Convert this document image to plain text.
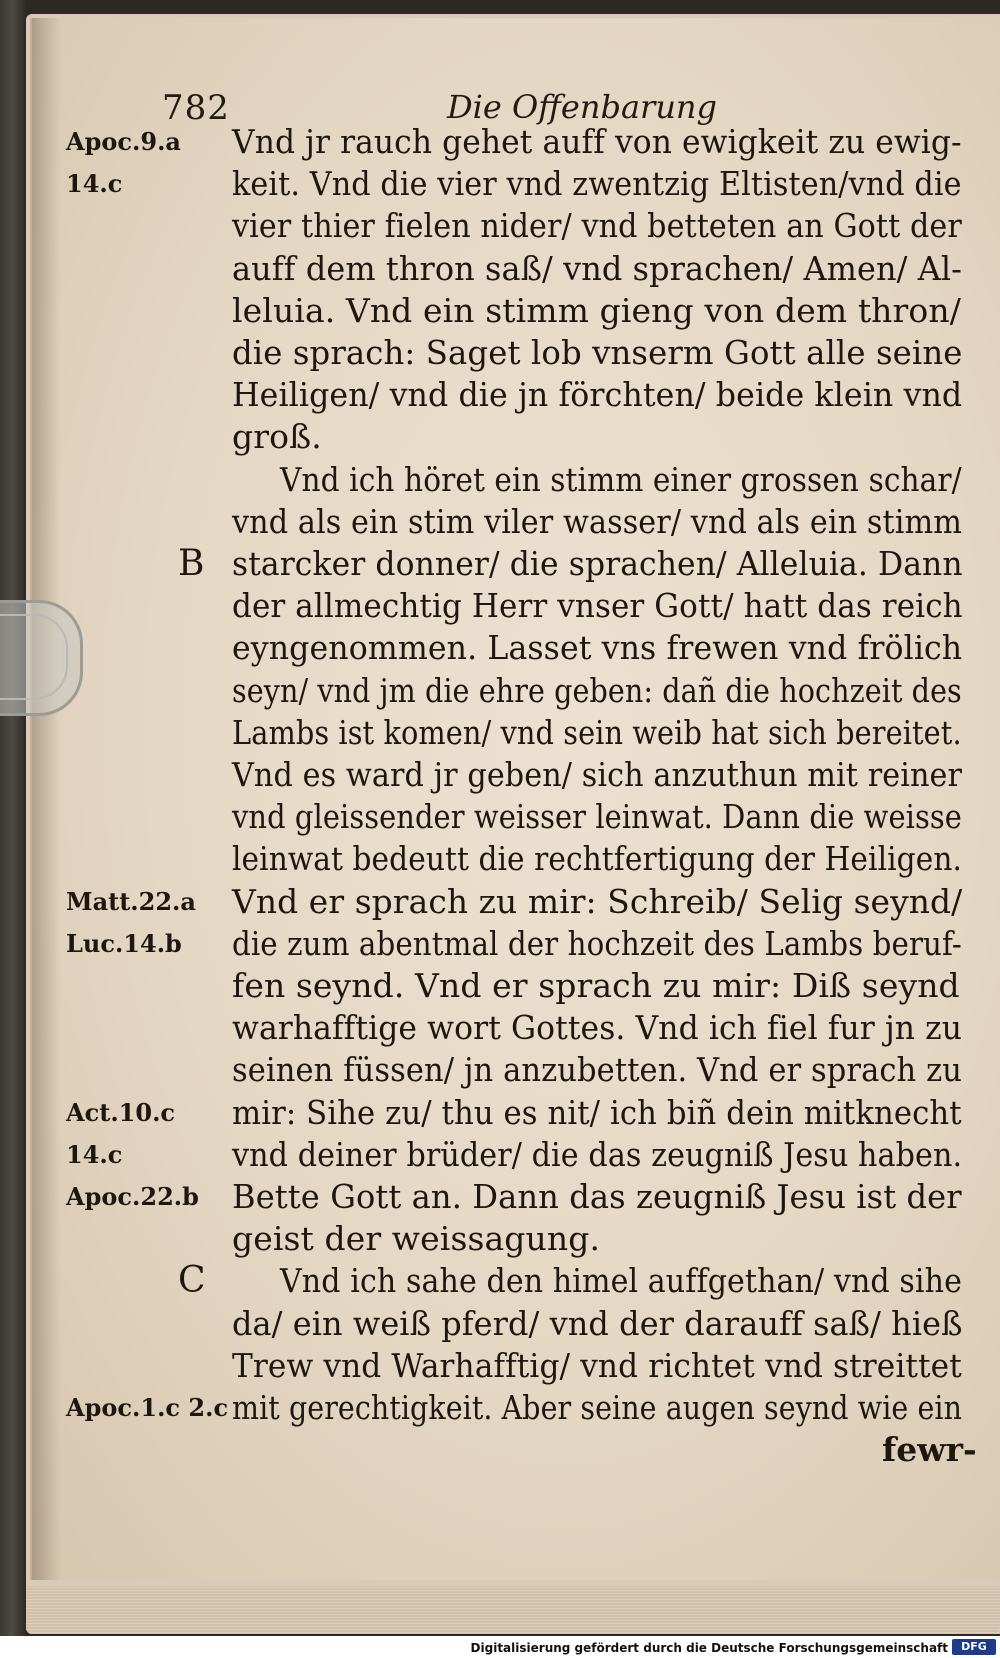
782	Die Offenbarung
Apoc.9.a Vnd jr rauch gehet auff von ewigkeit zu ewig-
14.c	keit. Vnd die vier vnd zwentzig Eltisten/vnd die
vier thier fielen nider/ vnd betteten an Gott der
auff dem thron saß/ vnd sprachen/ Amen/ Al-
leluia. Vnd ein stimm gieng von dem thron/
die sprach: Saget lob vnserm Gott alle seine
Heiligen/ vnd die jn förchten/ beide klein vnd
groß.
Vnd ich höret ein stimm einer grossen schar/
vnd als ein stim viler wasser/ vnd als ein stimm
B starcker donner/ die sprachen/ Alleluia. Dann
der allmechtig Herr vnser Gott/ hatt das reich
eyngenommen. Lasset vns frewen vnd frölich
seyn/ vnd jm die ehre geben: dañ die hochzeit des
Lambs ist komen/ vnd sein weib hat sich bereitet.
Vnd es ward jr geben/ sich anzuthun mit reiner
vnd gleissender weisser leinwat. Dann die weisse
leinwat bedeutt die rechtfertigung der Heiligen.
Matt.22.a Vnd er sprach zu mir: Schreib/ Selig seynd/
Luc.14.b die zum abentmal der hochzeit des Lambs beruf-
fen seynd. Vnd er sprach zu mir: Diß seynd
warhafftige wort Gottes. Vnd ich fiel fur jn zu
seinen füssen/ jn anzubetten. Vnd er sprach zu
Act.10.c mir: Sihe zu/ thu es nit/ ich biñ dein mitknecht
14.c	vnd deiner brüder/ die das zeugniß Jesu haben.
Apoc.22.b Bette Gott an. Dann das zeugniß Jesu ist der
geist der weissagung.
C Vnd ich sahe den himel auffgethan/ vnd sihe
da/ ein weiß pferd/ vnd der darauff saß/ hieß
Trew vnd Warhafftig/ vnd richtet vnd streittet
Apoc.1.c 2.c mit gerechtigkeit. Aber seine augen seynd wie ein
fewr-
Digitalisierung gefördert durch die Deutsche Forschungsgemeinschaft	DFG
